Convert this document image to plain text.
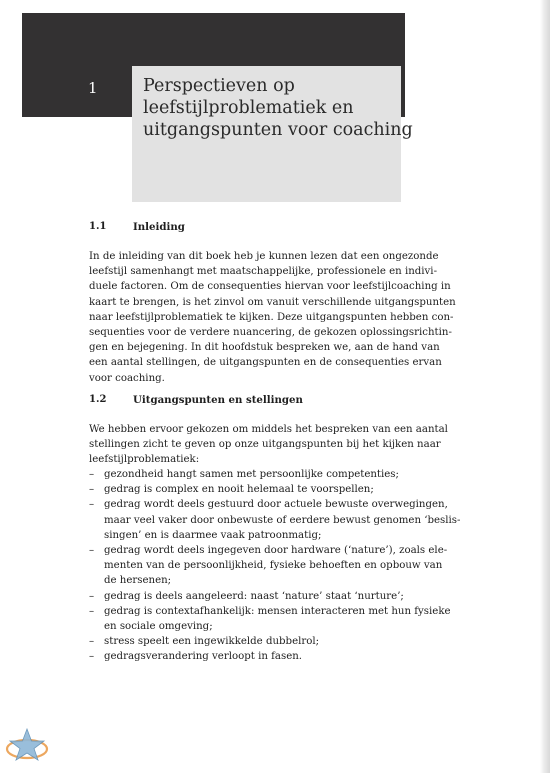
1	Perspectieven op
leefstijlproblematiek en
uitgangspunten voor coaching
1.1	Inleiding
In de inleiding van dit boek heb je kunnen lezen dat een ongezonde
leefstijl samenhangt met maatschappelijke, professionele en indivi-
duele factoren. Om de consequenties hiervan voor leefstijlcoaching in
kaart te brengen, is het zinvol om vanuit verschillende uitgangspunten
naar leefstijlproblematiek te kijken. Deze uitgangspunten hebben con-
sequenties voor de verdere nuancering, de gekozen oplossingsrichtin-
gen en bejegening. In dit hoofdstuk bespreken we, aan de hand van
een aantal stellingen, de uitgangspunten en de consequenties ervan
voor coaching.
1.2	Uitgangspunten en stellingen
We hebben ervoor gekozen om middels het bespreken van een aantal
stellingen zicht te geven op onze uitgangspunten bij het kijken naar
leefstijlproblematiek:
– gezondheid hangt samen met persoonlijke competenties;
– gedrag is complex en nooit helemaal te voorspellen;
– gedrag wordt deels gestuurd door actuele bewuste overwegingen,
maar veel vaker door onbewuste of eerdere bewust genomen ‘beslis-
singen’ en is daarmee vaak patroonmatig;
– gedrag wordt deels ingegeven door hardware (‘nature’), zoals ele-
menten van de persoonlijkheid, fysieke behoeften en opbouw van
de hersenen;
– gedrag is deels aangeleerd: naast ‘nature’ staat ‘nurture’;
– gedrag is contextafhankelijk: mensen interacteren met hun fysieke
en sociale omgeving;
– stress speelt een ingewikkelde dubbelrol;
– gedragsverandering verloopt in fasen.
